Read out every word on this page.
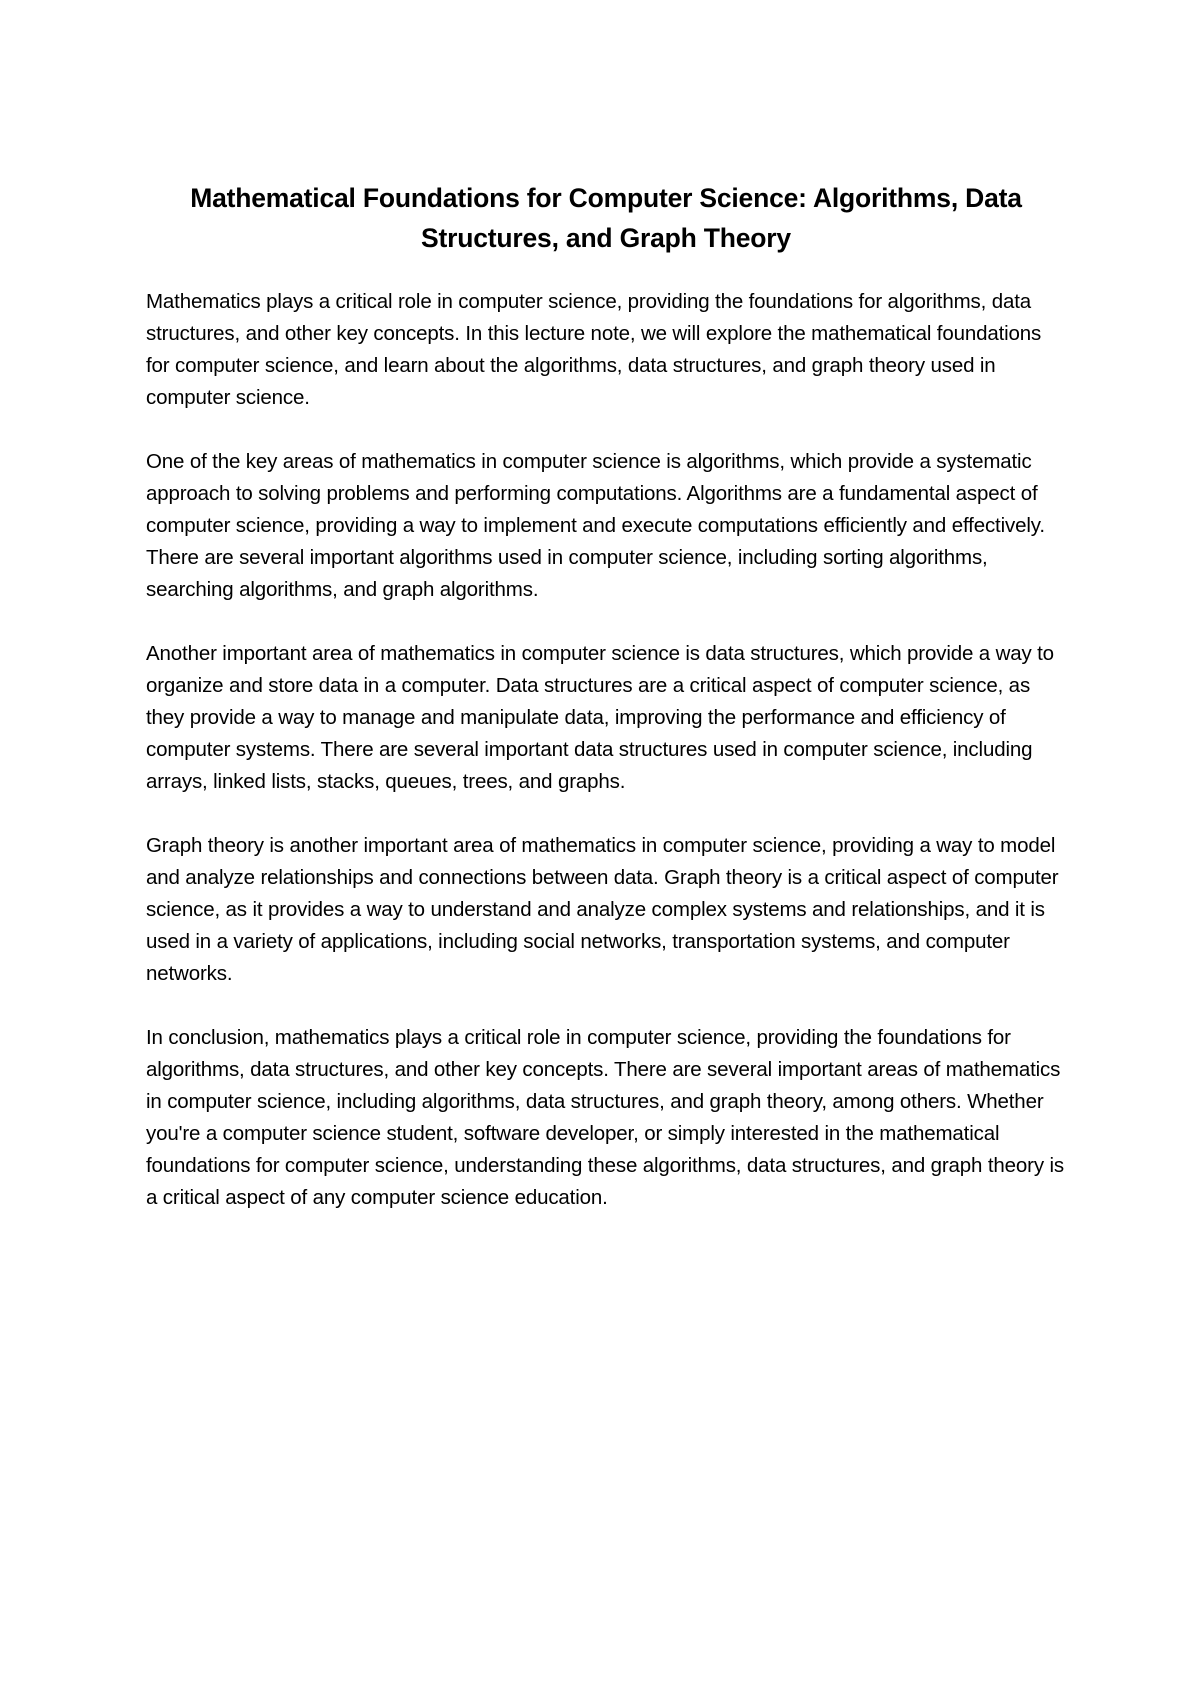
Mathematical Foundations for Computer Science: Algorithms, Data Structures, and Graph Theory

Mathematics plays a critical role in computer science, providing the foundations for algorithms, data structures, and other key concepts. In this lecture note, we will explore the mathematical foundations for computer science, and learn about the algorithms, data structures, and graph theory used in computer science.

One of the key areas of mathematics in computer science is algorithms, which provide a systematic approach to solving problems and performing computations. Algorithms are a fundamental aspect of computer science, providing a way to implement and execute computations efficiently and effectively. There are several important algorithms used in computer science, including sorting algorithms, searching algorithms, and graph algorithms.

Another important area of mathematics in computer science is data structures, which provide a way to organize and store data in a computer. Data structures are a critical aspect of computer science, as they provide a way to manage and manipulate data, improving the performance and efficiency of computer systems. There are several important data structures used in computer science, including arrays, linked lists, stacks, queues, trees, and graphs.

Graph theory is another important area of mathematics in computer science, providing a way to model and analyze relationships and connections between data. Graph theory is a critical aspect of computer science, as it provides a way to understand and analyze complex systems and relationships, and it is used in a variety of applications, including social networks, transportation systems, and computer networks.

In conclusion, mathematics plays a critical role in computer science, providing the foundations for algorithms, data structures, and other key concepts. There are several important areas of mathematics in computer science, including algorithms, data structures, and graph theory, among others. Whether you're a computer science student, software developer, or simply interested in the mathematical foundations for computer science, understanding these algorithms, data structures, and graph theory is a critical aspect of any computer science education.
